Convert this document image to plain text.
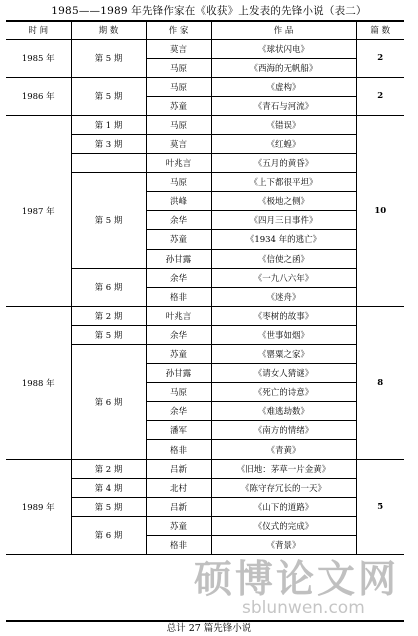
1985——1989 年先锋作家在《收获》上发表的先锋小说（表二）
时 间	期 数	作 家	作 品	篇 数
1985 年	第 5 期	莫言	《球状闪电》	2
		马原	《西海的无帆船》	
1986 年	第 5 期	马原	《虚构》	2
		苏童	《青石与河流》	
1987 年	第 1 期	马原	《错误》	10
	第 3 期	莫言	《红蝗》	
		叶兆言	《五月的黄昏》	
	第 5 期	马原	《上下都很平坦》	
		洪峰	《极地之侧》	
		余华	《四月三日事件》	
		苏童	《1934 年的逃亡》	
		孙甘露	《信使之函》	
	第 6 期	余华	《一九八六年》	
		格非	《迷舟》	
1988 年	第 2 期	叶兆言	《枣树的故事》	8
	第 5 期	余华	《世事如烟》	
	第 6 期	苏童	《罂粟之家》	
		孙甘露	《请女人猜谜》	
		马原	《死亡的诗意》	
		余华	《难逃劫数》	
		潘军	《南方的情绪》	
		格非	《青黄》	
1989 年	第 2 期	吕新	《旧地：茅草一片金黄》	5
	第 4 期	北村	《陈守存冗长的一天》	
	第 5 期	吕新	《山下的道路》	
	第 6 期	苏童	《仪式的完成》	
		格非	《背景》	
总计 27 篇先锋小说
硕博论文网
sblunwen.com
